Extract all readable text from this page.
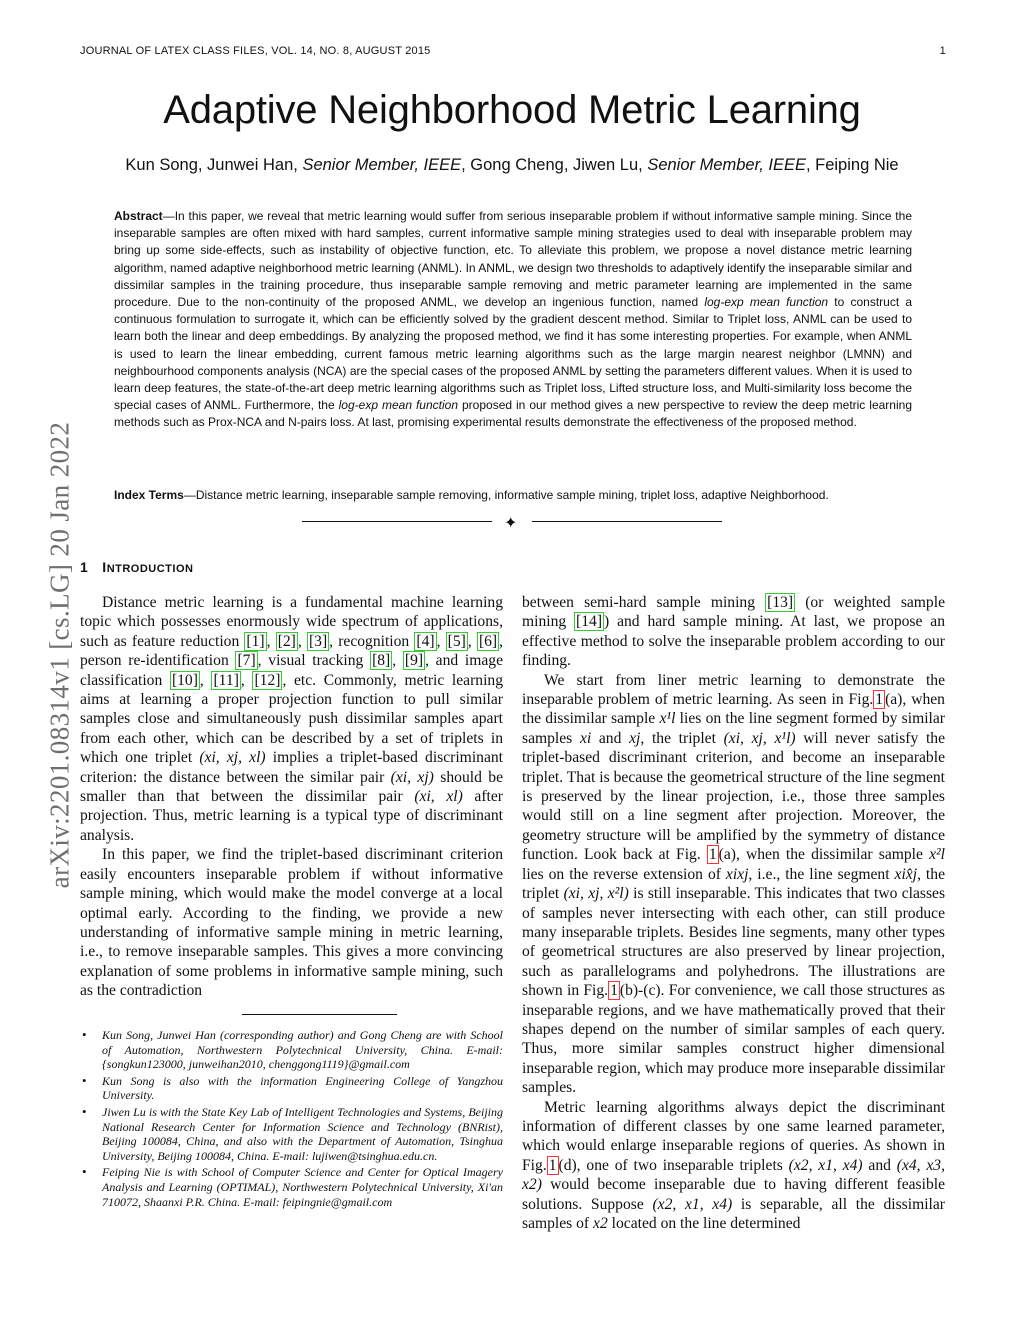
JOURNAL OF LATEX CLASS FILES, VOL. 14, NO. 8, AUGUST 2015	1
Adaptive Neighborhood Metric Learning
Kun Song, Junwei Han, Senior Member, IEEE, Gong Cheng, Jiwen Lu, Senior Member, IEEE, Feiping Nie
Abstract—In this paper, we reveal that metric learning would suffer from serious inseparable problem if without informative sample mining. Since the inseparable samples are often mixed with hard samples, current informative sample mining strategies used to deal with inseparable problem may bring up some side-effects, such as instability of objective function, etc. To alleviate this problem, we propose a novel distance metric learning algorithm, named adaptive neighborhood metric learning (ANML). In ANML, we design two thresholds to adaptively identify the inseparable similar and dissimilar samples in the training procedure, thus inseparable sample removing and metric parameter learning are implemented in the same procedure. Due to the non-continuity of the proposed ANML, we develop an ingenious function, named log-exp mean function to construct a continuous formulation to surrogate it, which can be efficiently solved by the gradient descent method. Similar to Triplet loss, ANML can be used to learn both the linear and deep embeddings. By analyzing the proposed method, we find it has some interesting properties. For example, when ANML is used to learn the linear embedding, current famous metric learning algorithms such as the large margin nearest neighbor (LMNN) and neighbourhood components analysis (NCA) are the special cases of the proposed ANML by setting the parameters different values. When it is used to learn deep features, the state-of-the-art deep metric learning algorithms such as Triplet loss, Lifted structure loss, and Multi-similarity loss become the special cases of ANML. Furthermore, the log-exp mean function proposed in our method gives a new perspective to review the deep metric learning methods such as Prox-NCA and N-pairs loss. At last, promising experimental results demonstrate the effectiveness of the proposed method.
Index Terms—Distance metric learning, inseparable sample removing, informative sample mining, triplet loss, adaptive Neighborhood.
✦
arXiv:2201.08314v1 [cs.LG] 20 Jan 2022 1 INTRODUCTION

Distance metric learning is a fundamental machine learning topic which possesses enormously wide spectrum of applications, such as feature reduction [1] , [2] , [3] , recognition [4] , [5] , [6] , person re-identification [7] , visual tracking [8] , [9] , and image classification [10] , [11] , [12] , etc. Commonly, metric learning aims at learning a proper projection function to pull similar samples close and simultaneously push dissimilar samples apart from each other, which can be described by a set of triplets in which one triplet (xi, xj, xl) implies a triplet-based discriminant criterion: the distance between the similar pair (xi, xj) should be smaller than that between the dissimilar pair (xi, xl) after projection. Thus, metric learning is a typical type of discriminant analysis.

In this paper, we find the triplet-based discriminant criterion easily encounters inseparable problem if without informative sample mining, which would make the model converge at a local optimal early. According to the finding, we provide a new understanding of informative sample mining in metric learning, i.e., to remove inseparable samples. This gives a more convincing explanation of some problems in informative sample mining, such as the contradiction

• Kun Song, Junwei Han (corresponding author) and Gong Cheng are with School of Automation, Northwestern Polytechnical University, China. E-mail: {songkun123000, junweihan2010, chenggong1119}@gmail.com
• Kun Song is also with the information Engineering College of Yangzhou University.
• Jiwen Lu is with the State Key Lab of Intelligent Technologies and Systems, Beijing National Research Center for Information Science and Technology (BNRist), Beijing 100084, China, and also with the Department of Automation, Tsinghua University, Beijing 100084, China. E-mail: lujiwen@tsinghua.edu.cn.
• Feiping Nie is with School of Computer Science and Center for Optical Imagery Analysis and Learning (OPTIMAL), Northwestern Polytechnical University, Xi'an 710072, Shaanxi P.R. China. E-mail: feipingnie@gmail.com

between semi-hard sample mining [13] (or weighted sample mining [14] ) and hard sample mining. At last, we propose an effective method to solve the inseparable problem according to our finding.

We start from liner metric learning to demonstrate the inseparable problem of metric learning. As seen in Fig. 1 (a), when the dissimilar sample x¹l lies on the line segment formed by similar samples xi and xj, the triplet (xi, xj, x¹l) will never satisfy the triplet-based discriminant criterion, and become an inseparable triplet. That is because the geometrical structure of the line segment is preserved by the linear projection, i.e., those three samples would still on a line segment after projection. Moreover, the geometry structure will be amplified by the symmetry of distance function. Look back at Fig. 1 (a), when the dissimilar sample x²l lies on the reverse extension of xixj, i.e., the line segment xix̂j, the triplet (xi, xj, x²l) is still inseparable. This indicates that two classes of samples never intersecting with each other, can still produce many inseparable triplets. Besides line segments, many other types of geometrical structures are also preserved by linear projection, such as parallelograms and polyhedrons. The illustrations are shown in Fig. 1 (b)-(c). For convenience, we call those structures as inseparable regions, and we have mathematically proved that their shapes depend on the number of similar samples of each query. Thus, more similar samples construct higher dimensional inseparable region, which may produce more inseparable dissimilar samples.

Metric learning algorithms always depict the discriminant information of different classes by one same learned parameter, which would enlarge inseparable regions of queries. As shown in Fig. 1 (d), one of two inseparable triplets (x2, x1, x4) and (x4, x3, x2) would become inseparable due to having different feasible solutions. Suppose (x2, x1, x4) is separable, all the dissimilar samples of x2 located on the line determined
